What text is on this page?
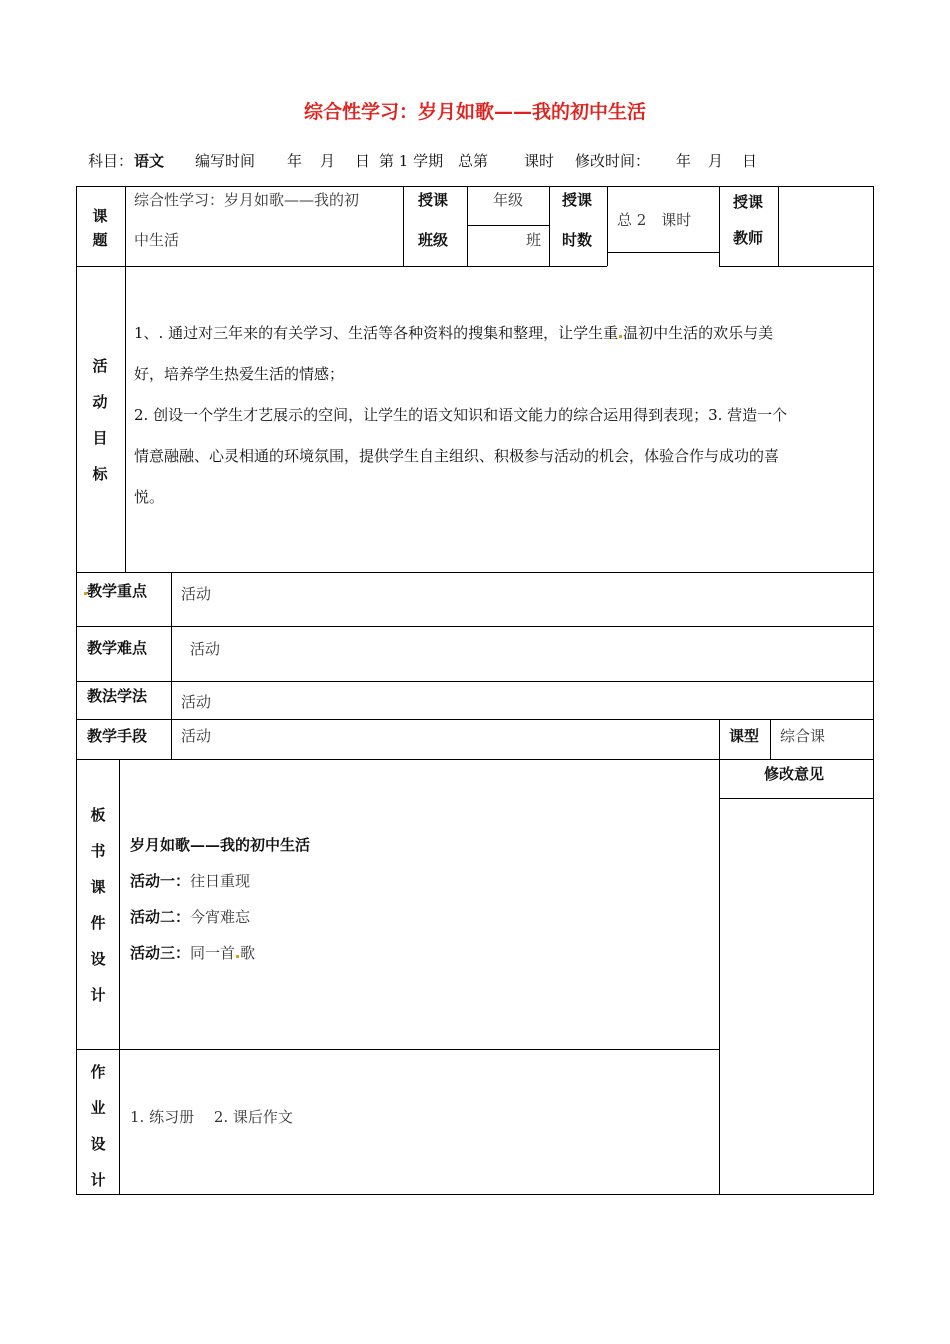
综合性学习：岁月如歌——我的初中生活
科目： 语文 编写时间 年 月 日 第 1 学期 总第 课时 修改时间： 年 月 日
课
题
综合性学习：岁月如歌——我的初
中生活
授课
班级
年级
班
授课
时数
总 2　课时
授课
教师
活
动
目
标
1、. 通过对三年来的有关学习、生活等各种资料的搜集和整理，让学生重 温初中生活的欢乐与美
好，培养学生热爱生活的情感；
2. 创设一个学生才艺展示的空间，让学生的语文知识和语文能力的综合运用得到表现；3. 营造一个
情意融融、心灵相通的环境氛围，提供学生自主组织、积极参与活动的机会，体验合作与成功的喜
悦。
教学重点 活动
教学难点	活动
教法学法 活动
教学手段 活动	课型 综合课
板
书
课
件
设
计
岁月如歌——我的初中生活
活动一：往日重现
活动二：今宵难忘
活动三：同一首 歌
修改意见
作
业
设
计
1. 练习册　 2. 课后作文
